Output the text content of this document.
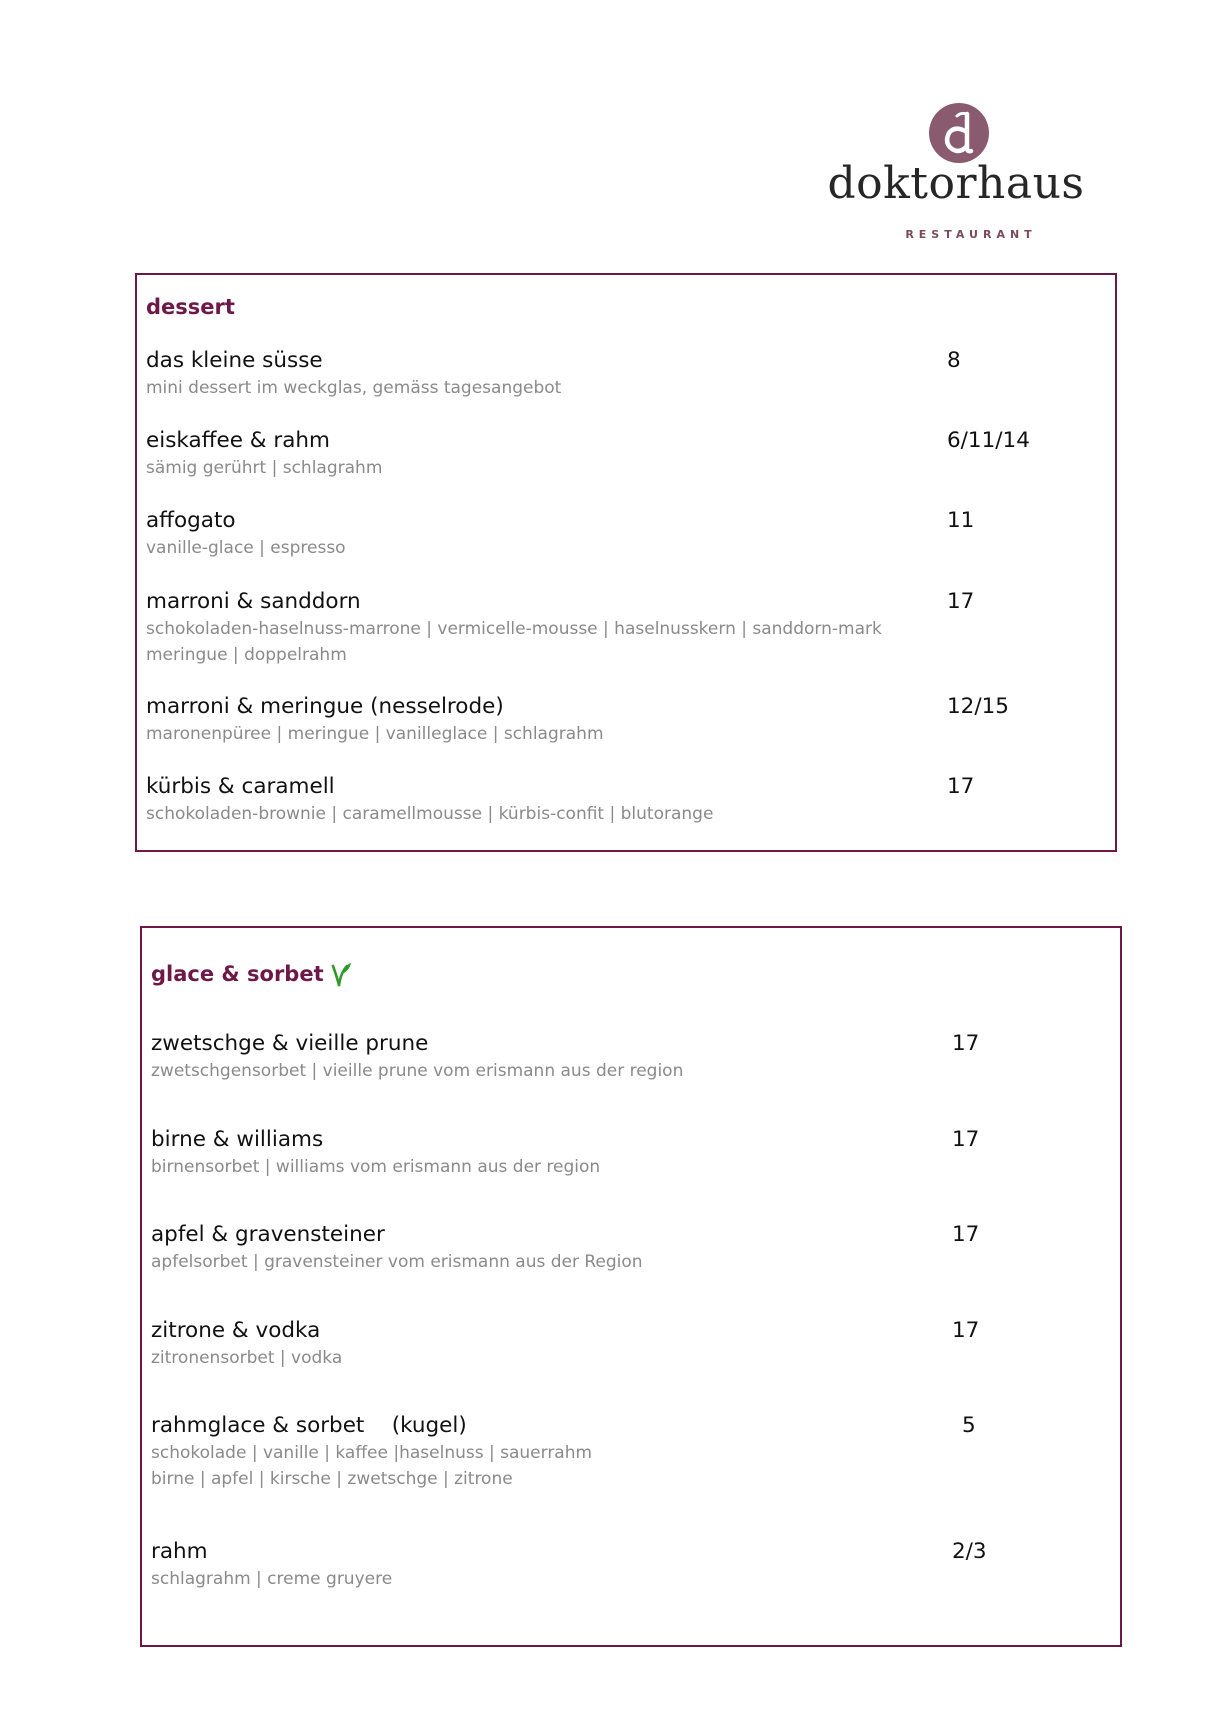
doktorhaus
RESTAURANT
dessert
das kleine süsse
mini dessert im weckglas, gemäss tagesangebot
8
eiskaffee & rahm
sämig gerührt | schlagrahm
6/11/14
affogato
vanille-glace | espresso
11
marroni & sanddorn
schokoladen-haselnuss-marrone | vermicelle-mousse | haselnusskern | sanddorn-mark
meringue | doppelrahm
17
marroni & meringue (nesselrode)
maronenpüree | meringue | vanilleglace | schlagrahm
12/15
kürbis & caramell
schokoladen-brownie | caramellmousse | kürbis-confit | blutorange
17
glace & sorbet
zwetschge & vieille prune
zwetschgensorbet | vieille prune vom erismann aus der region
17
birne & williams
birnensorbet | williams vom erismann aus der region
17
apfel & gravensteiner
apfelsorbet | gravensteiner vom erismann aus der Region
17
zitrone & vodka
zitronensorbet | vodka
17
rahmglace & sorbet    (kugel)
schokolade | vanille | kaffee |haselnuss | sauerrahm
birne | apfel | kirsche | zwetschge | zitrone
5
rahm
schlagrahm | creme gruyere
2/3
